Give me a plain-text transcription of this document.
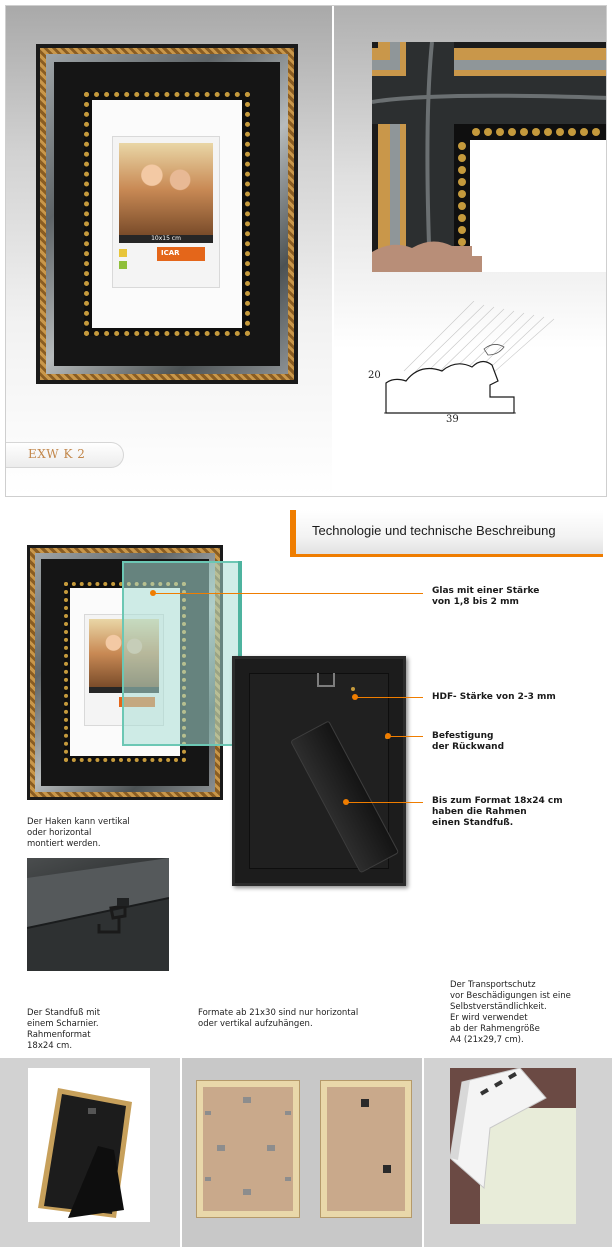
10x15 cm
ICAR
EXW K 2
20
39
Technologie und technische Beschreibung
Glas mit einer Stärke
von 1,8 bis 2 mm
HDF- Stärke von 2-3 mm
Befestigung
der Rückwand
Bis zum Format 18x24 cm
haben die Rahmen
einen Standfuß.
Der Haken kann vertikal
oder horizontal
montiert werden.
Der Standfuß mit
einem Scharnier.
Rahmenformat
18x24 cm.
Formate ab 21x30 sind nur horizontal
oder vertikal aufzuhängen.
Der Transportschutz
vor Beschädigungen ist eine
Selbstverständlichkeit.
Er wird verwendet
ab der Rahmengröße
A4 (21x29,7 cm).
